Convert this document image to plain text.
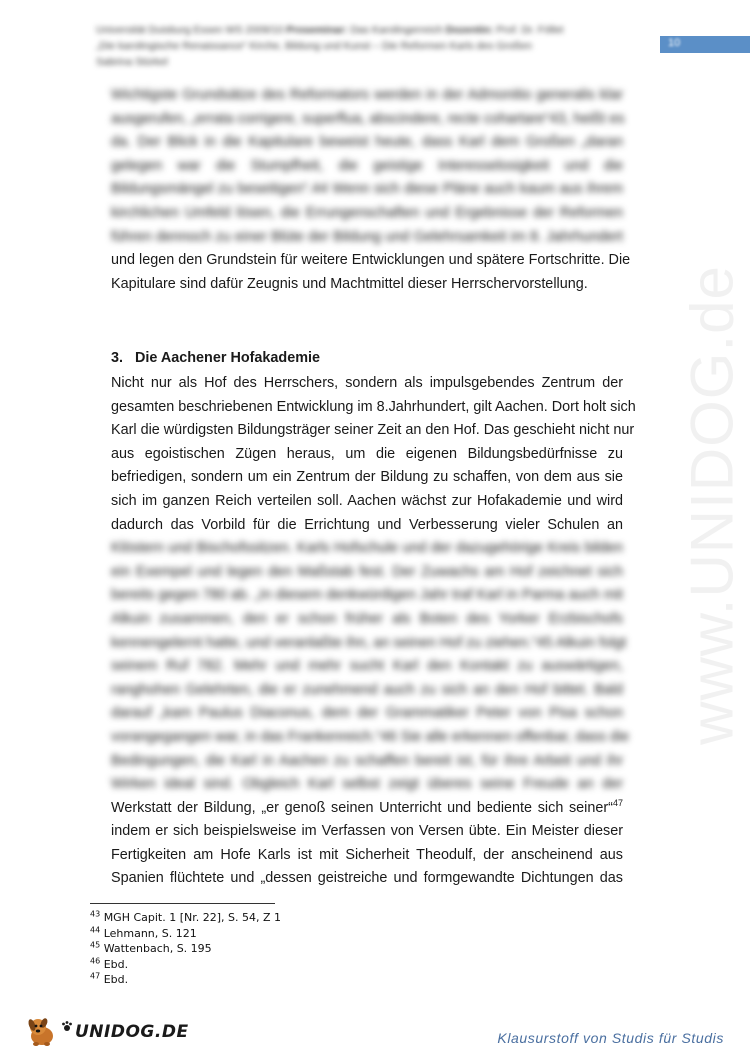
Universität Duisburg Essen WS 2009/10 Proseminar: Das Karolingerreich Dozentin: Prof. Dr. Föllet
„Die karolingische Renaissance“ Kirche, Bildung und Kunst – Die Reformen Karls des Großen
Sabrina Stürkel
10
www.UNIDOG.de
Wichtigste Grundsätze des Reformators werden in der Admonitio generalis klar
ausgerufen, „errata corrigere, superflua, abscindere, recte cohartare“43, heißt es
da. Der Blick in die Kapitulare beweist heute, dass Karl dem Großen „daran
gelegen war die Stumpfheit, die geistige Interesselosigkeit und die
Bildungsmängel zu beseitigen“.44 Wenn sich diese Pläne auch kaum aus ihrem
kirchlichen Umfeld lösen, die Errungenschaften und Ergebnisse der Reformen
führen dennoch zu einer Blüte der Bildung und Gelehrsamkeit im 8. Jahrhundert
und legen den Grundstein für weitere Entwicklungen und spätere Fortschritte. Die
Kapitulare sind dafür Zeugnis und Machtmittel dieser Herrschervorstellung.
3.   Die Aachener Hofakademie
Nicht nur als Hof des Herrschers, sondern als impulsgebendes Zentrum der
gesamten beschriebenen Entwicklung im 8.Jahrhundert, gilt Aachen. Dort holt sich
Karl die würdigsten Bildungsträger seiner Zeit an den Hof. Das geschieht nicht nur
aus egoistischen Zügen heraus, um die eigenen Bildungsbedürfnisse zu
befriedigen, sondern um ein Zentrum der Bildung zu schaffen, von dem aus sie
sich im ganzen Reich verteilen soll. Aachen wächst zur Hofakademie und wird
dadurch das Vorbild für die Errichtung und Verbesserung vieler Schulen an
Klöstern und Bischofssitzen. Karls Hofschule und der dazugehörige Kreis bilden
ein Exempel und legen den Maßstab fest. Der Zuwachs am Hof zeichnet sich
bereits gegen 780 ab. „In diesem denkwürdigen Jahr traf Karl in Parma auch mit
Alkuin zusammen, den er schon früher als Boten des Yorker Erzbischofs
kennengelernt hatte, und veranlaßte ihn, an seinen Hof zu ziehen.“45 Alkuin folgt
seinem Ruf 782. Mehr und mehr sucht Karl den Kontakt zu auswärtigen,
ranghohen Gelehrten, die er zunehmend auch zu sich an den Hof bittet. Bald
darauf „kam Paulus Diaconus, dem der Grammatiker Peter von Pisa schon
vorangegangen war, in das Frankenreich.“46 Sie alle erkennen offenbar, dass die
Bedingungen, die Karl in Aachen zu schaffen bereit ist, für ihre Arbeit und ihr
Wirken ideal sind. Obgleich Karl selbst zeigt überes seine Freude an der
Werkstatt der Bildung, „er genoß seinen Unterricht und bediente sich seiner“$^{47}$
indem er sich beispielsweise im Verfassen von Versen übte. Ein Meister dieser
Fertigkeiten am Hofe Karls ist mit Sicherheit Theodulf, der anscheinend aus
Spanien flüchtete und „dessen geistreiche und formgewandte Dichtungen das
$^{43}$ MGH Capit. 1 [Nr. 22], S. 54, Z 1
$^{44}$ Lehmann, S. 121
$^{45}$ Wattenbach, S. 195
$^{46}$ Ebd.
$^{47}$ Ebd.
UNIDOG.DE	Klausurstoff von Studis für Studis
